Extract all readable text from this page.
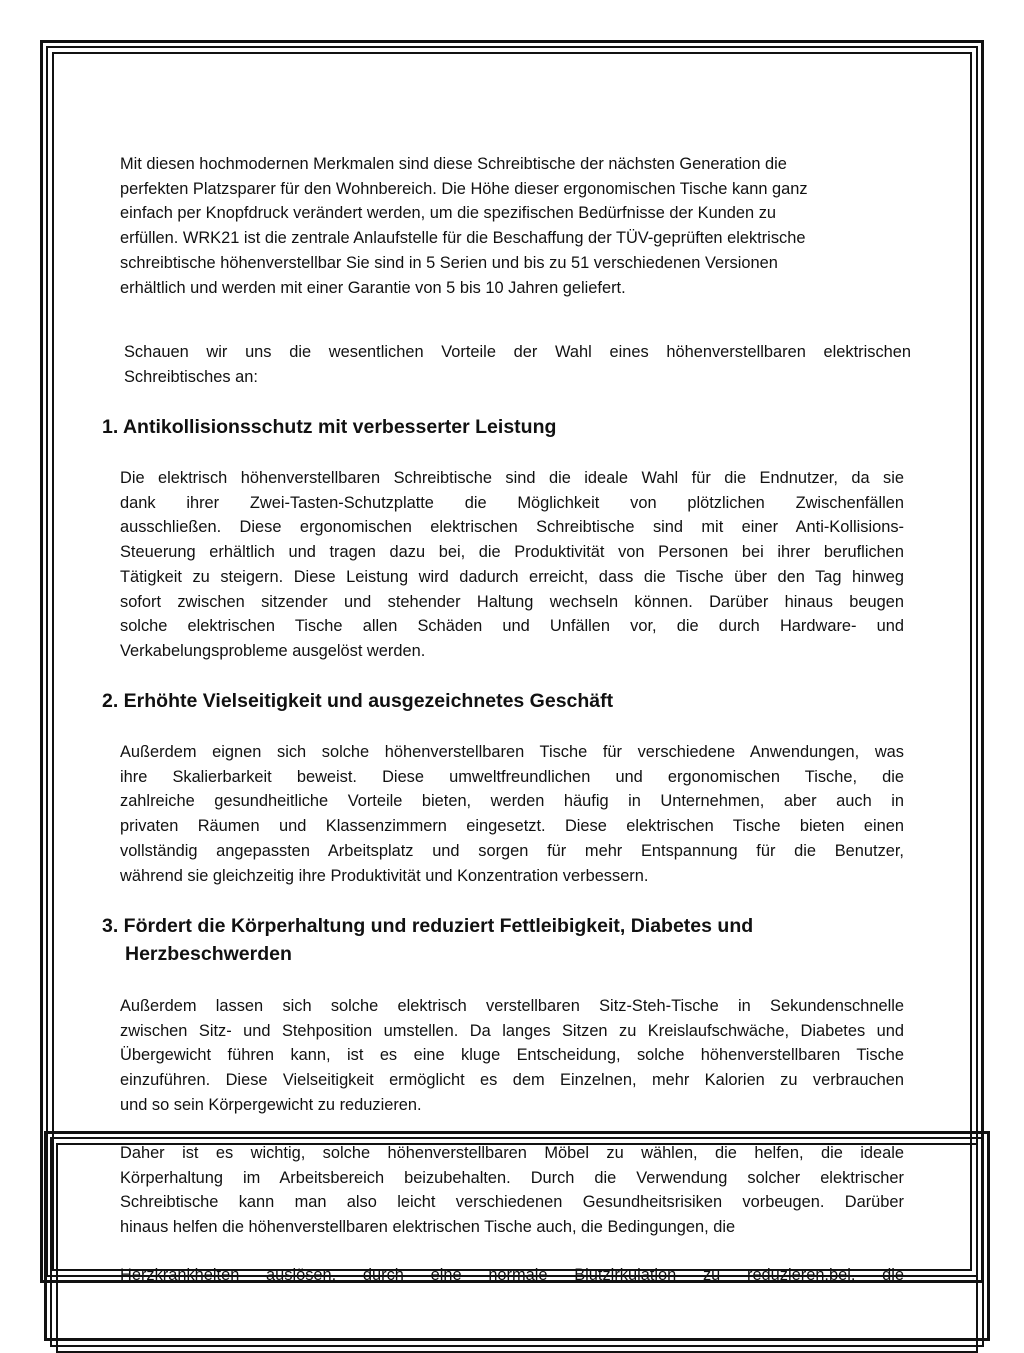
Mit diesen hochmodernen Merkmalen sind diese Schreibtische der nächsten Generation die
perfekten Platzsparer für den Wohnbereich. Die Höhe dieser ergonomischen Tische kann ganz
einfach per Knopfdruck verändert werden, um die spezifischen Bedürfnisse der Kunden zu
erfüllen. WRK21 ist die zentrale Anlaufstelle für die Beschaffung der TÜV-geprüften elektrische
schreibtische höhenverstellbar Sie sind in 5 Serien und bis zu 51 verschiedenen Versionen
erhältlich und werden mit einer Garantie von 5 bis 10 Jahren geliefert.
Schauen wir uns die wesentlichen Vorteile der Wahl eines höhenverstellbaren elektrischen
Schreibtisches an:
1. Antikollisionsschutz mit verbesserter Leistung
Die elektrisch höhenverstellbaren Schreibtische sind die ideale Wahl für die Endnutzer, da sie
dank ihrer Zwei-Tasten-Schutzplatte die Möglichkeit von plötzlichen Zwischenfällen
ausschließen. Diese ergonomischen elektrischen Schreibtische sind mit einer Anti-Kollisions-
Steuerung erhältlich und tragen dazu bei, die Produktivität von Personen bei ihrer beruflichen
Tätigkeit zu steigern. Diese Leistung wird dadurch erreicht, dass die Tische über den Tag hinweg
sofort zwischen sitzender und stehender Haltung wechseln können. Darüber hinaus beugen
solche elektrischen Tische allen Schäden und Unfällen vor, die durch Hardware- und
Verkabelungsprobleme ausgelöst werden.
2. Erhöhte Vielseitigkeit und ausgezeichnetes Geschäft
Außerdem eignen sich solche höhenverstellbaren Tische für verschiedene Anwendungen, was
ihre Skalierbarkeit beweist. Diese umweltfreundlichen und ergonomischen Tische, die
zahlreiche gesundheitliche Vorteile bieten, werden häufig in Unternehmen, aber auch in
privaten Räumen und Klassenzimmern eingesetzt. Diese elektrischen Tische bieten einen
vollständig angepassten Arbeitsplatz und sorgen für mehr Entspannung für die Benutzer,
während sie gleichzeitig ihre Produktivität und Konzentration verbessern.
3. Fördert die Körperhaltung und reduziert Fettleibigkeit, Diabetes und
Herzbeschwerden
Außerdem lassen sich solche elektrisch verstellbaren Sitz-Steh-Tische in Sekundenschnelle
zwischen Sitz- und Stehposition umstellen. Da langes Sitzen zu Kreislaufschwäche, Diabetes und
Übergewicht führen kann, ist es eine kluge Entscheidung, solche höhenverstellbaren Tische
einzuführen. Diese Vielseitigkeit ermöglicht es dem Einzelnen, mehr Kalorien zu verbrauchen
und so sein Körpergewicht zu reduzieren.
Daher ist es wichtig, solche höhenverstellbaren Möbel zu wählen, die helfen, die ideale
Körperhaltung im Arbeitsbereich beizubehalten. Durch die Verwendung solcher elektrischer
Schreibtische kann man also leicht verschiedenen Gesundheitsrisiken vorbeugen. Darüber
hinaus helfen die höhenverstellbaren elektrischen Tische auch, die Bedingungen, die
Herzkrankheiten auslösen, durch eine normale Blutzirkulation zu reduzieren.bei, die
